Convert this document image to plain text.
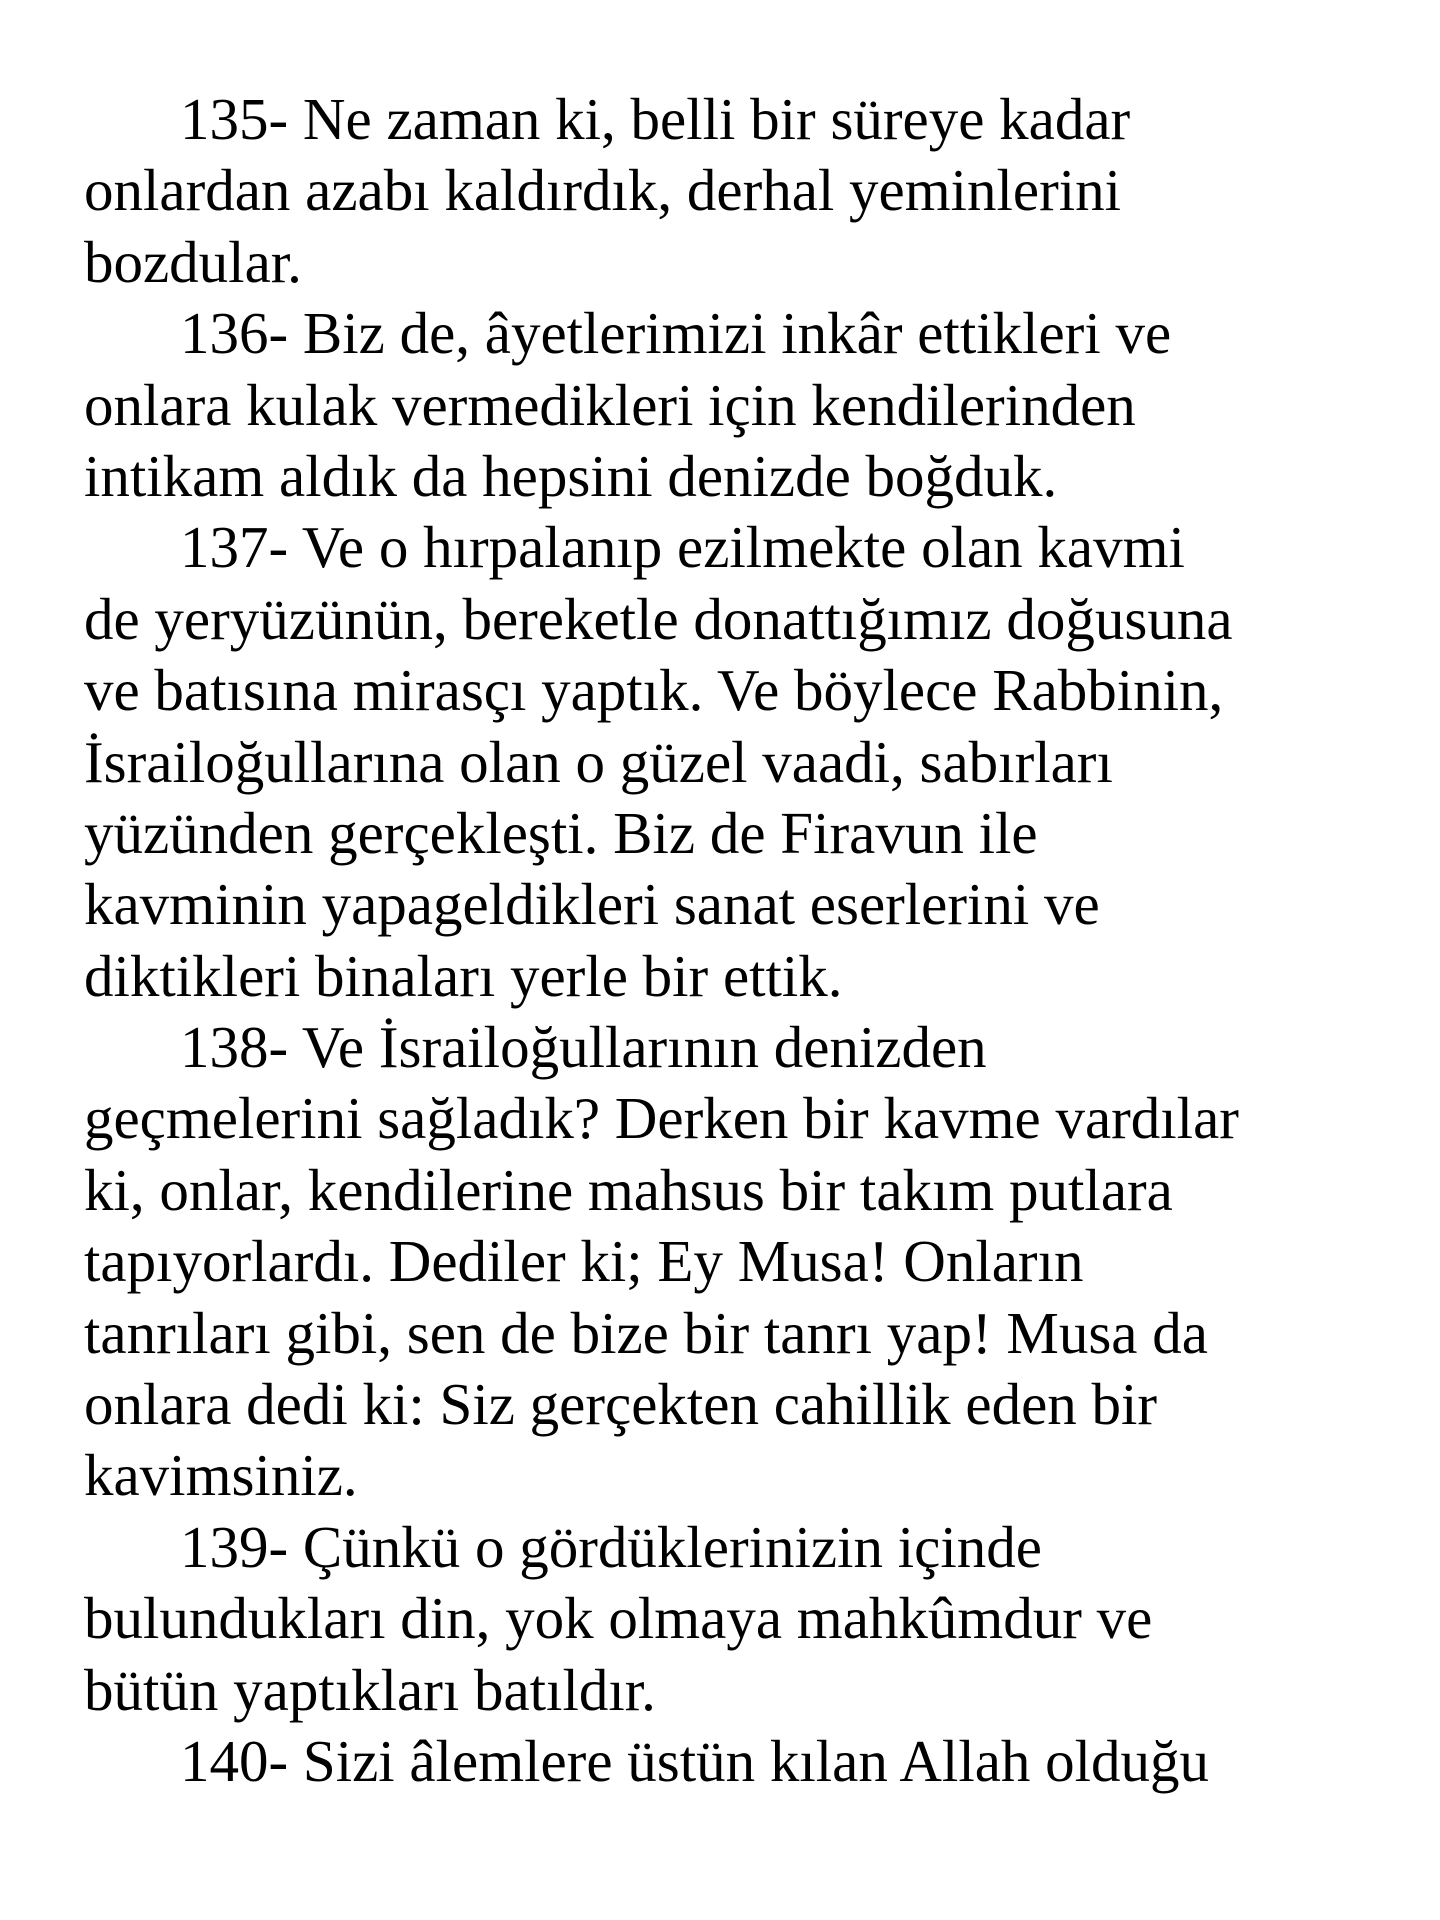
135- Ne zaman ki, belli bir süreye kadar
onlardan azabı kaldırdık, derhal yeminlerini
bozdular.
136- Biz de, âyetlerimizi inkâr ettikleri ve
onlara kulak vermedikleri için kendilerinden
intikam aldık da hepsini denizde boğduk.
137- Ve o hırpalanıp ezilmekte olan kavmi
de yeryüzünün, bereketle donattığımız doğusuna
ve batısına mirasçı yaptık. Ve böylece Rabbinin,
İsrailoğullarına olan o güzel vaadi, sabırları
yüzünden gerçekleşti. Biz de Firavun ile
kavminin yapageldikleri sanat eserlerini ve
diktikleri binaları yerle bir ettik.
138- Ve İsrailoğullarının denizden
geçmelerini sağladık? Derken bir kavme vardılar
ki, onlar, kendilerine mahsus bir takım putlara
tapıyorlardı. Dediler ki; Ey Musa! Onların
tanrıları gibi, sen de bize bir tanrı yap! Musa da
onlara dedi ki: Siz gerçekten cahillik eden bir
kavimsiniz.
139- Çünkü o gördüklerinizin içinde
bulundukları din, yok olmaya mahkûmdur ve
bütün yaptıkları batıldır.
140- Sizi âlemlere üstün kılan Allah olduğu
